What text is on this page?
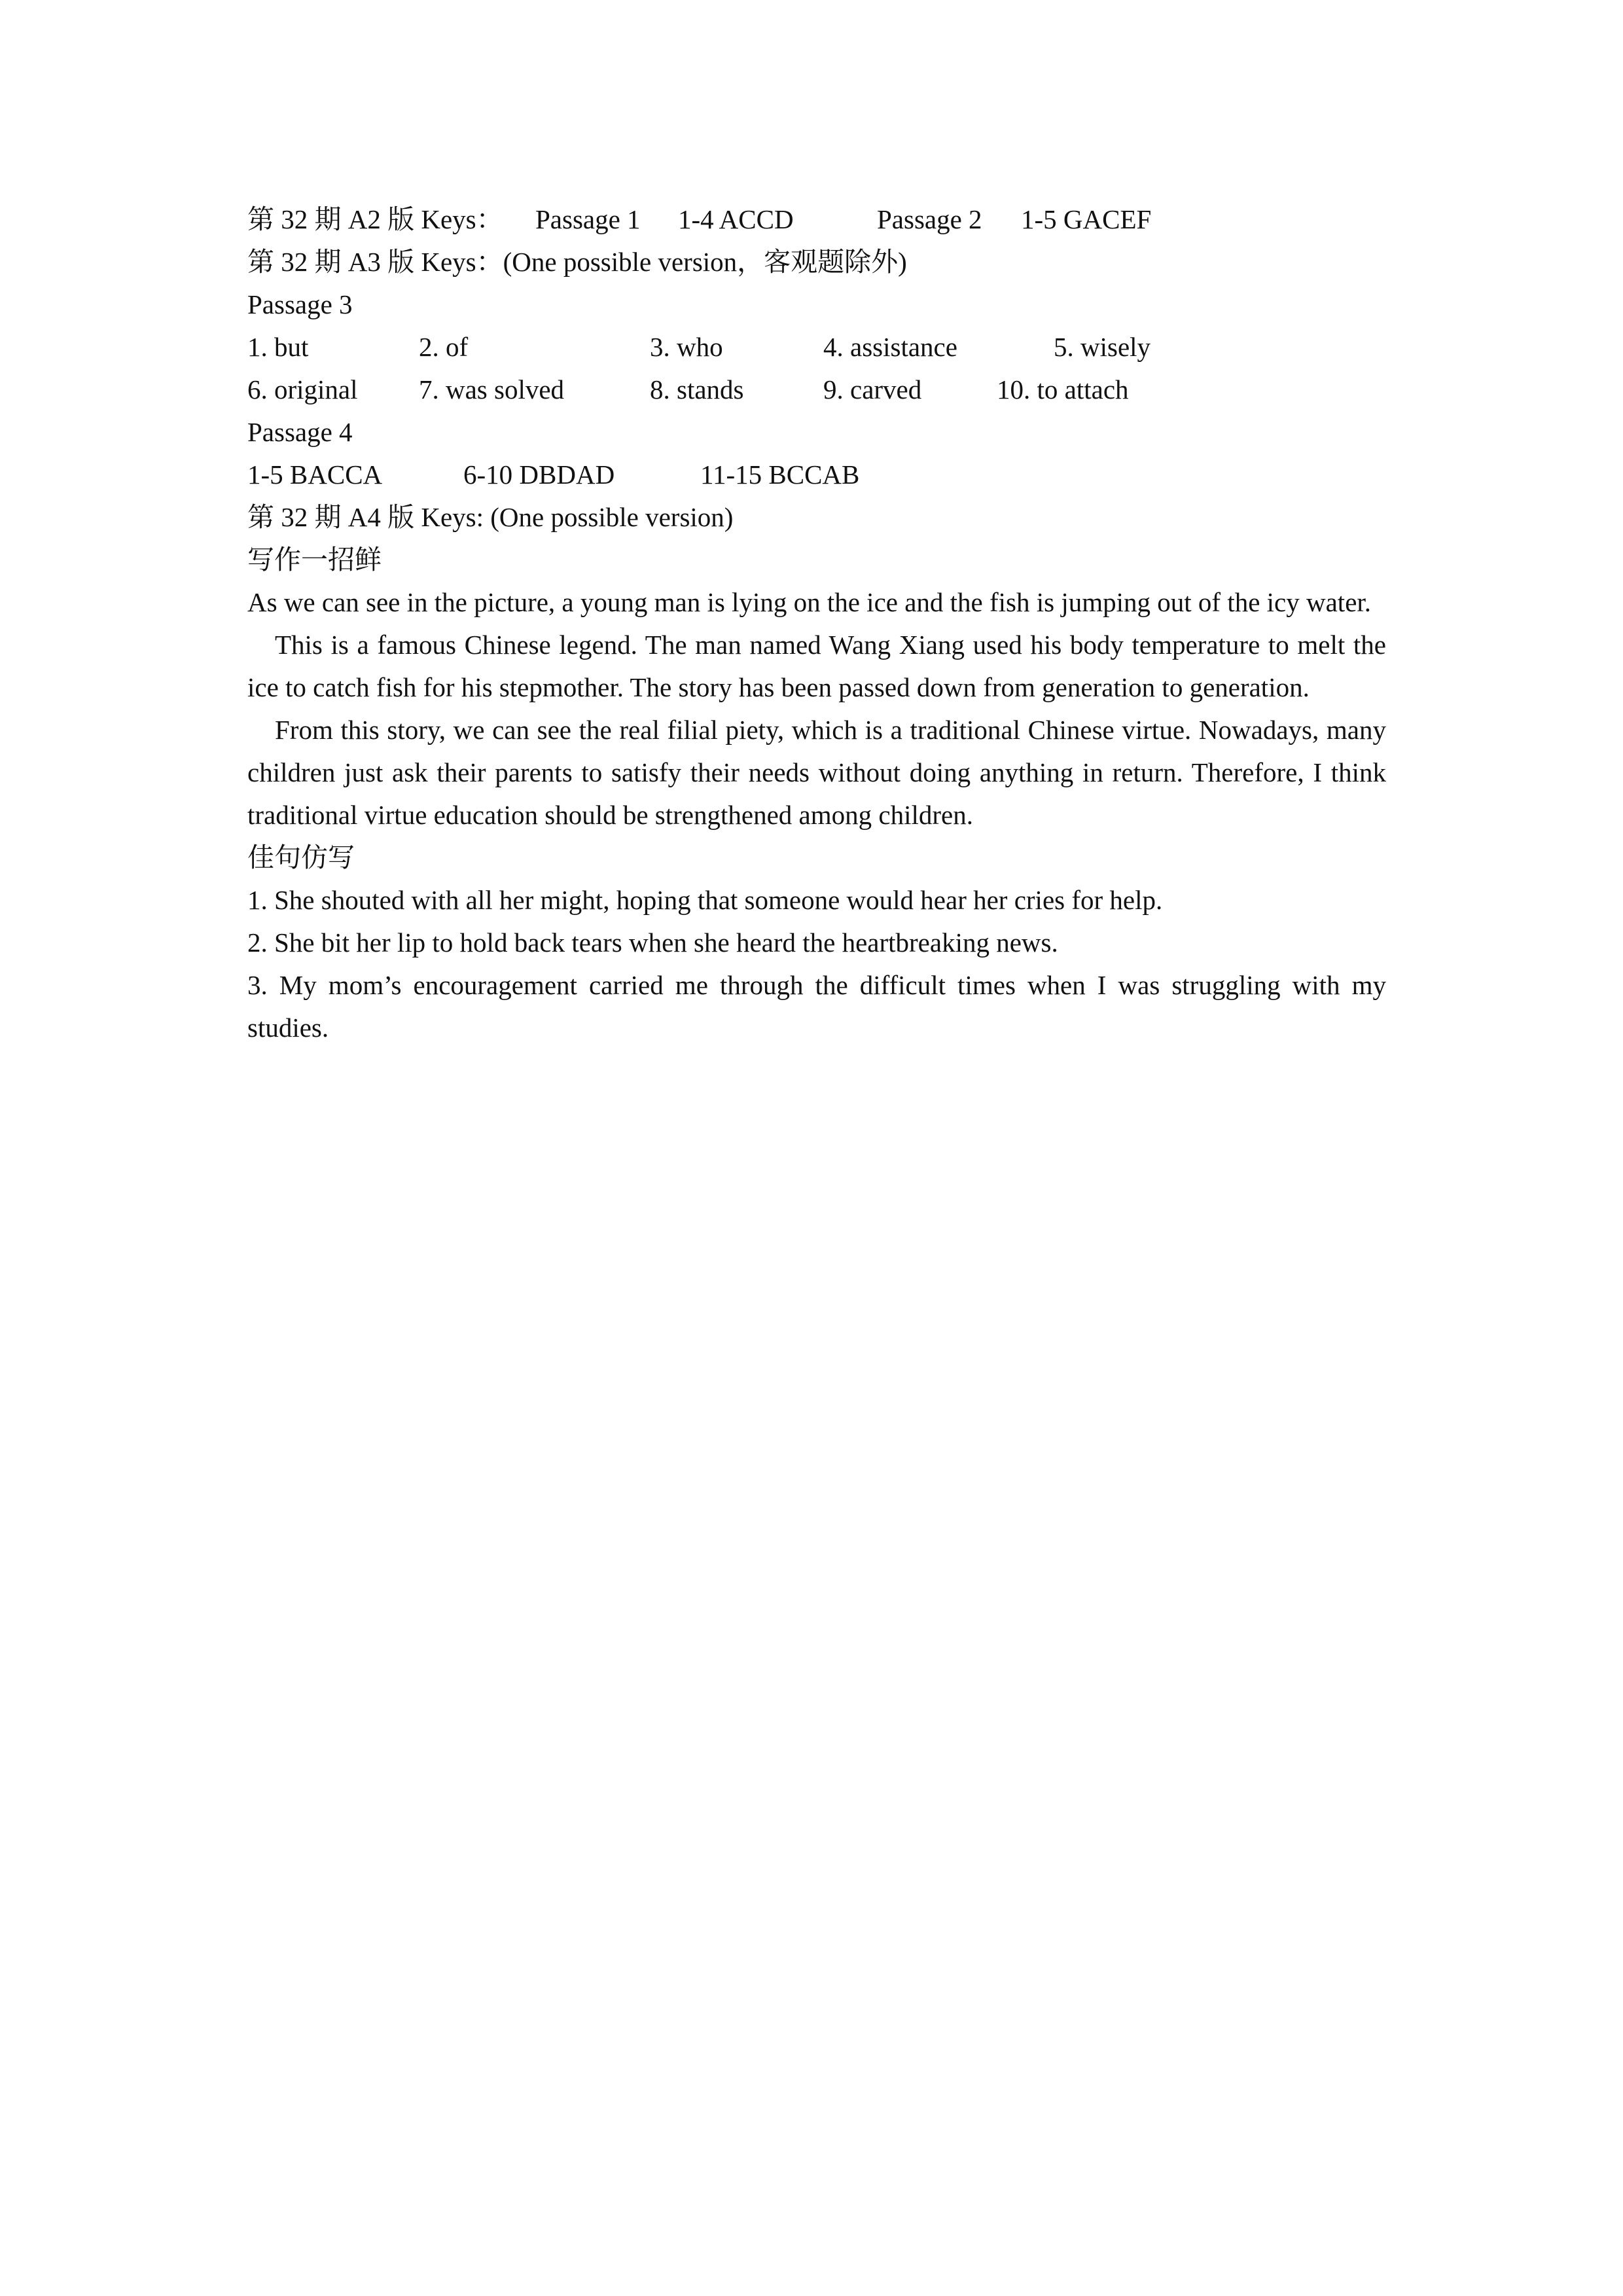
第 32 期 A2 版 Keys： Passage 1 1-4 ACCD	Passage 2 1-5 GACEF
第 32 期 A3 版 Keys：(One possible version，客观题除外)
Passage 3
1. but	2. of	3. who	4. assistance	5. wisely
6. original 7. was solved	8. stands	9. carved	10. to attach
Passage 4
1-5 BACCA	6-10 DBDAD	11-15 BCCAB
第 32 期 A4 版 Keys: (One possible version)
写作一招鲜
As we can see in the picture, a young man is lying on the ice and the fish is jumping out of the icy water.
This is a famous Chinese legend. The man named Wang Xiang used his body temperature to melt the ice to catch fish for his stepmother. The story has been passed down from generation to generation.
From this story, we can see the real filial piety, which is a traditional Chinese virtue. Nowadays, many children just ask their parents to satisfy their needs without doing anything in return. Therefore, I think traditional virtue education should be strengthened among children.
佳句仿写
1. She shouted with all her might, hoping that someone would hear her cries for help.
2. She bit her lip to hold back tears when she heard the heartbreaking news.
3. My mom’s encouragement carried me through the difficult times when I was struggling with my studies.
